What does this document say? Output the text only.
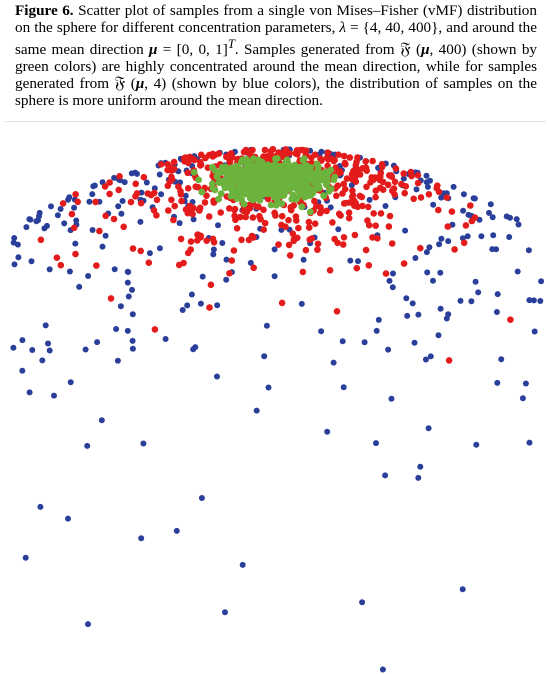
Figure 6. Scatter plot of samples from a single von Mises–Fisher (vMF) distribution on the sphere for different concentration parameters, λ = {4, 40, 400}, and around the same mean direction μ = [0, 0, 1]$^T$. Samples generated from 𝔉 (μ, 400) (shown by green colors) are highly concentrated around the mean direction, while for samples generated from 𝔉 (μ, 4) (shown by blue colors), the distribution of samples on the sphere is more uniform around the mean direction.
